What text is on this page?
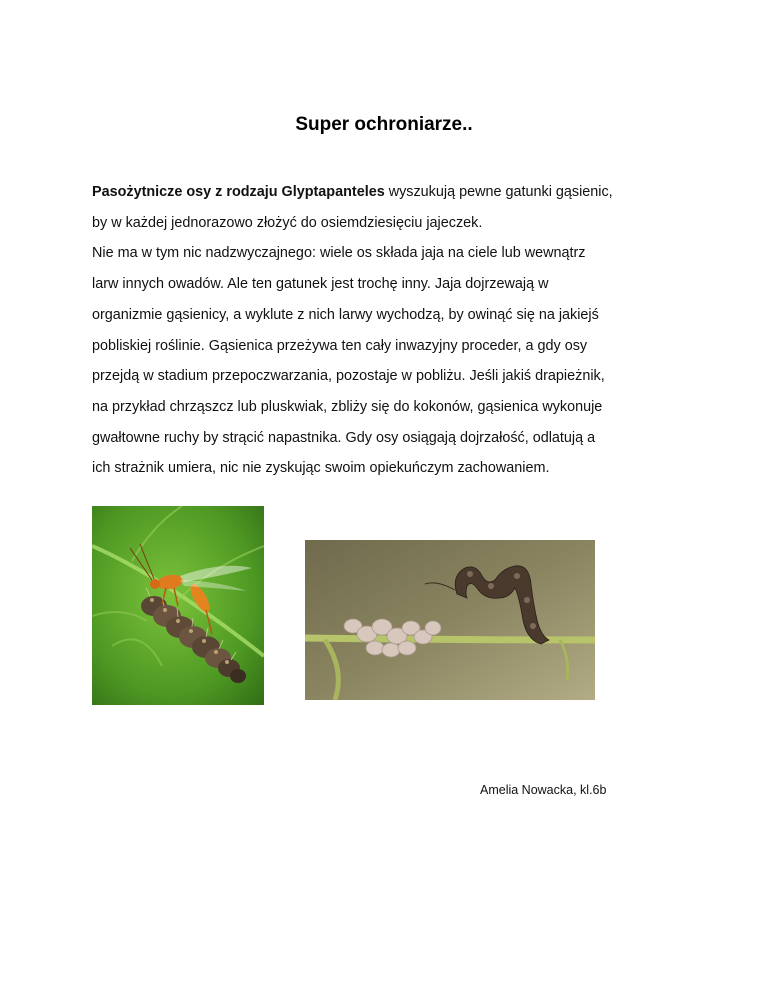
Super ochroniarze..
Pasożytnicze osy z rodzaju Glyptapanteles wyszukują pewne gatunki gąsienic,
by w każdej jednorazowo złożyć do osiemdziesięciu jajeczek.
Nie ma w tym nic nadzwyczajnego: wiele os składa jaja na ciele lub wewnątrz
larw innych owadów. Ale ten gatunek jest trochę inny. Jaja dojrzewają w
organizmie gąsienicy, a wyklute z nich larwy wychodzą, by owinąć się na jakiejś
pobliskiej roślinie. Gąsienica przeżywa ten cały inwazyjny proceder, a gdy osy
przejdą w stadium przepoczwarzania, pozostaje w pobliżu. Jeśli jakiś drapieżnik,
na przykład chrząszcz lub pluskwiak, zbliży się do kokonów, gąsienica wykonuje
gwałtowne ruchy by strącić napastnika. Gdy osy osiągają dojrzałość, odlatują a
ich strażnik umiera, nic nie zyskując swoim opiekuńczym zachowaniem.
Amelia Nowacka, kl.6b
